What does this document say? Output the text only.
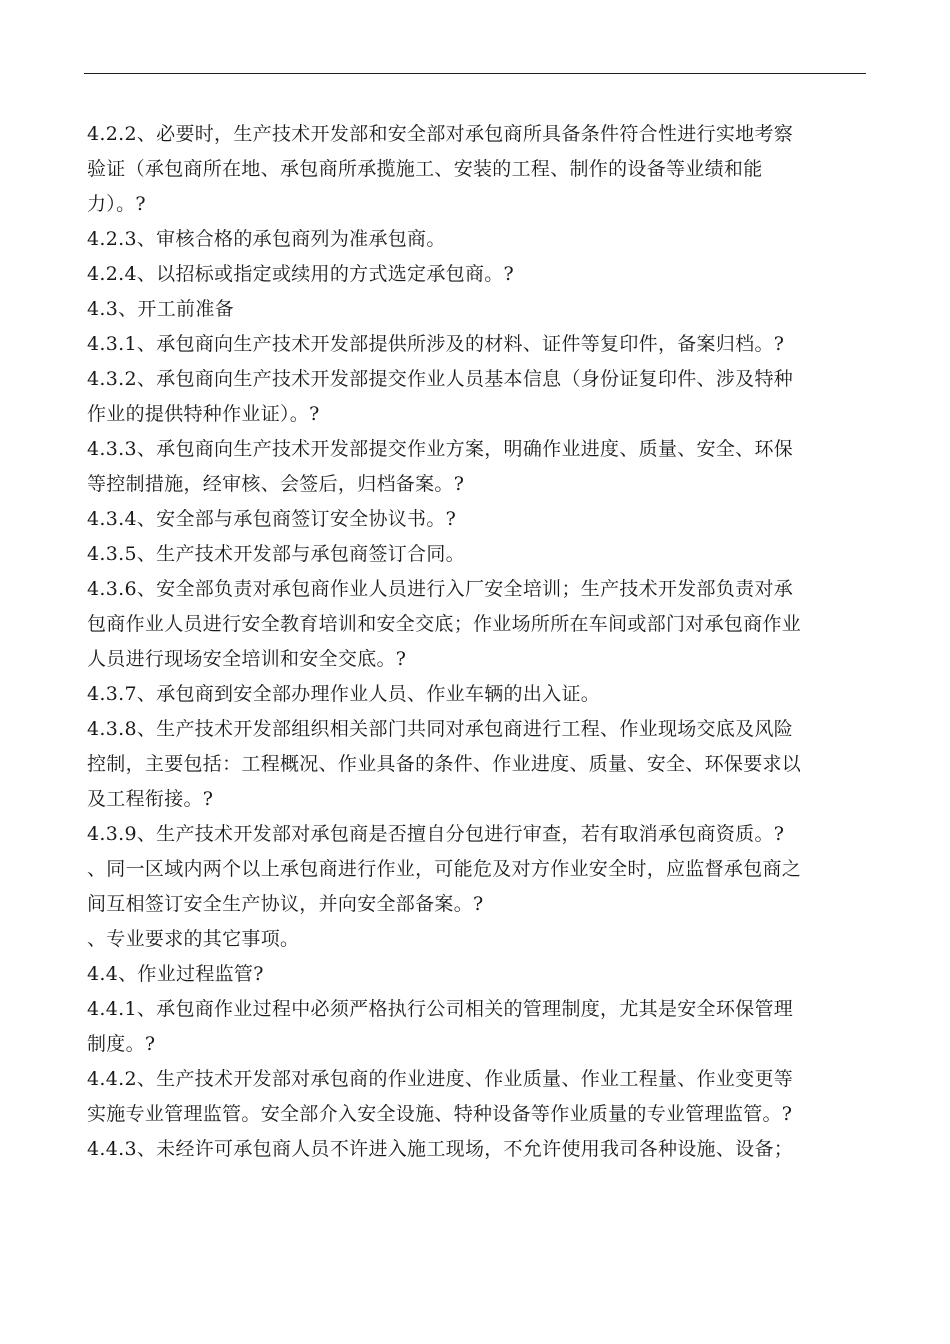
4.2.2、必要时，生产技术开发部和安全部对承包商所具备条件符合性进行实地考察
验证（承包商所在地、承包商所承揽施工、安装的工程、制作的设备等业绩和能
力）。?
4.2.3、审核合格的承包商列为准承包商。
4.2.4、以招标或指定或续用的方式选定承包商。?
4.3、开工前准备
4.3.1、承包商向生产技术开发部提供所涉及的材料、证件等复印件，备案归档。?
4.3.2、承包商向生产技术开发部提交作业人员基本信息（身份证复印件、涉及特种
作业的提供特种作业证）。?
4.3.3、承包商向生产技术开发部提交作业方案，明确作业进度、质量、安全、环保
等控制措施，经审核、会签后，归档备案。?
4.3.4、安全部与承包商签订安全协议书。?
4.3.5、生产技术开发部与承包商签订合同。
4.3.6、安全部负责对承包商作业人员进行入厂安全培训；生产技术开发部负责对承
包商作业人员进行安全教育培训和安全交底；作业场所所在车间或部门对承包商作业
人员进行现场安全培训和安全交底。?
4.3.7、承包商到安全部办理作业人员、作业车辆的出入证。
4.3.8、生产技术开发部组织相关部门共同对承包商进行工程、作业现场交底及风险
控制，主要包括：工程概况、作业具备的条件、作业进度、质量、安全、环保要求以
及工程衔接。?
4.3.9、生产技术开发部对承包商是否擅自分包进行审查，若有取消承包商资质。?
、同一区域内两个以上承包商进行作业，可能危及对方作业安全时，应监督承包商之
间互相签订安全生产协议，并向安全部备案。?
、专业要求的其它事项。
4.4、作业过程监管?
4.4.1、承包商作业过程中必须严格执行公司相关的管理制度，尤其是安全环保管理
制度。?
4.4.2、生产技术开发部对承包商的作业进度、作业质量、作业工程量、作业变更等
实施专业管理监管。安全部介入安全设施、特种设备等作业质量的专业管理监管。?
4.4.3、未经许可承包商人员不许进入施工现场，不允许使用我司各种设施、设备；
